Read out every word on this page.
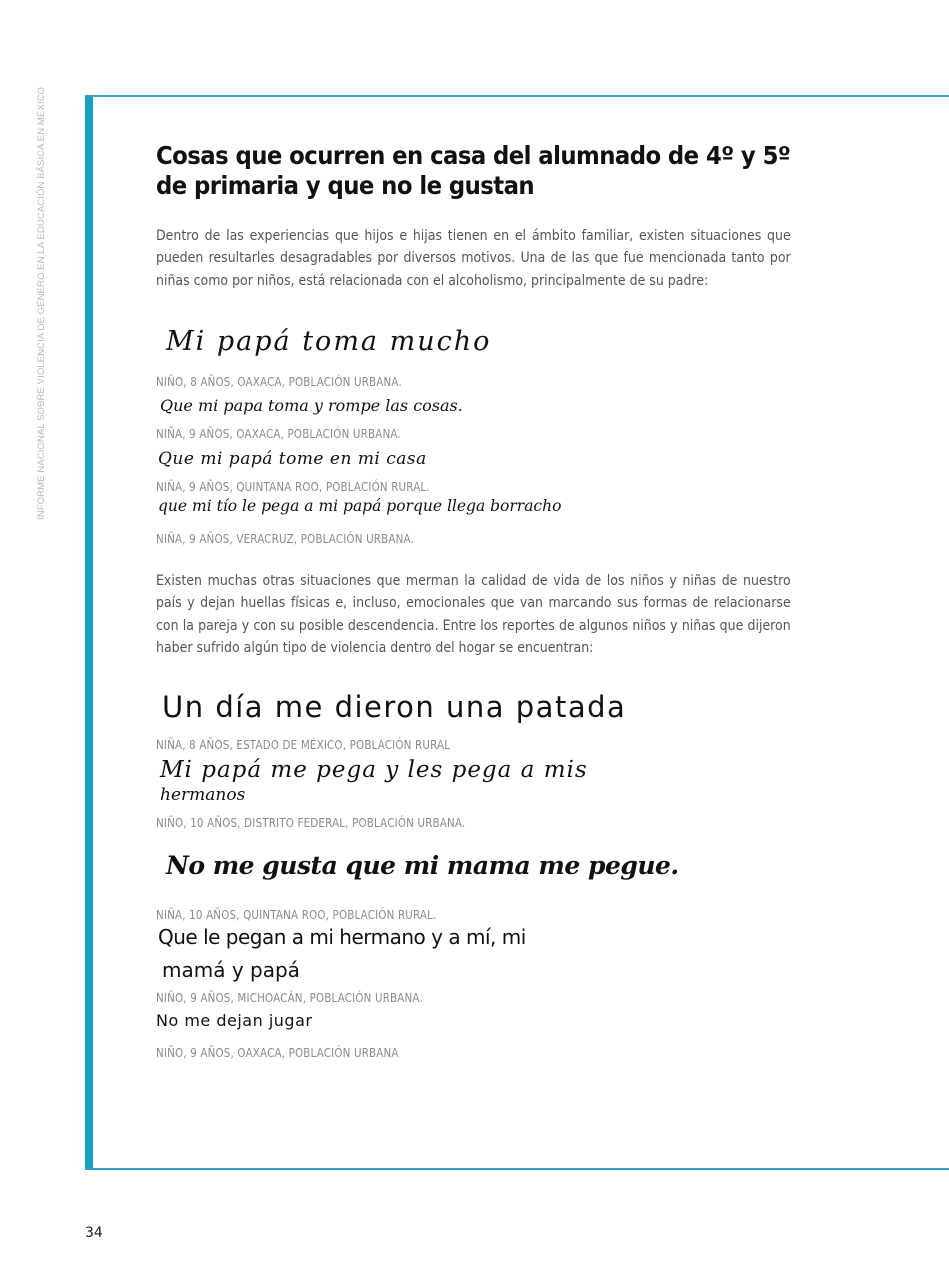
INFORME NACIONAL SOBRE VIOLENCIA DE GÉNERO EN LA EDUCACIÓN BÁSICA EN MÉXICO	Cosas que ocurren en casa del alumnado de 4º y 5º de primaria y que no le gustan

Dentro de las experiencias que hijos e hijas tienen en el ámbito familiar, existen situaciones que pueden resultarles desagradables por diversos motivos. Una de las que fue mencionada tanto por niñas como por niños, está relacionada con el alcoholismo, principalmente de su padre:

Mi papá toma mucho
NIÑO, 8 AÑOS, OAXACA, POBLACIÓN URBANA.
Que mi papa toma y rompe las cosas.
NIÑA, 9 AÑOS, OAXACA, POBLACIÓN URBANA.
Que mi papá tome en mi casa
NIÑA, 9 AÑOS, QUINTANA ROO, POBLACIÓN RURAL.
que mi tío le pega a mi papá porque llega borracho
NIÑA, 9 AÑOS, VERACRUZ, POBLACIÓN URBANA.

Existen muchas otras situaciones que merman la calidad de vida de los niños y niñas de nuestro país y dejan huellas físicas e, incluso, emocionales que van marcando sus formas de relacionarse con la pareja y con su posible descendencia. Entre los reportes de algunos niños y niñas que dijeron haber sufrido algún tipo de violencia dentro del hogar se encuentran:

Un día me dieron una patada
NIÑA, 8 AÑOS, ESTADO DE MÉXICO, POBLACIÓN RURAL
Mi papá me pega y les pega a mis
hermanos
NIÑO, 10 AÑOS, DISTRITO FEDERAL, POBLACIÓN URBANA.
No me gusta que mi mama me pegue.
NIÑA, 10 AÑOS, QUINTANA ROO, POBLACIÓN RURAL.
Que le pegan a mi hermano y a mí, mi
mamá y papá
NIÑO, 9 AÑOS, MICHOACÁN, POBLACIÓN URBANA.
No me dejan jugar
NIÑO, 9 AÑOS, OAXACA, POBLACIÓN URBANA
34
